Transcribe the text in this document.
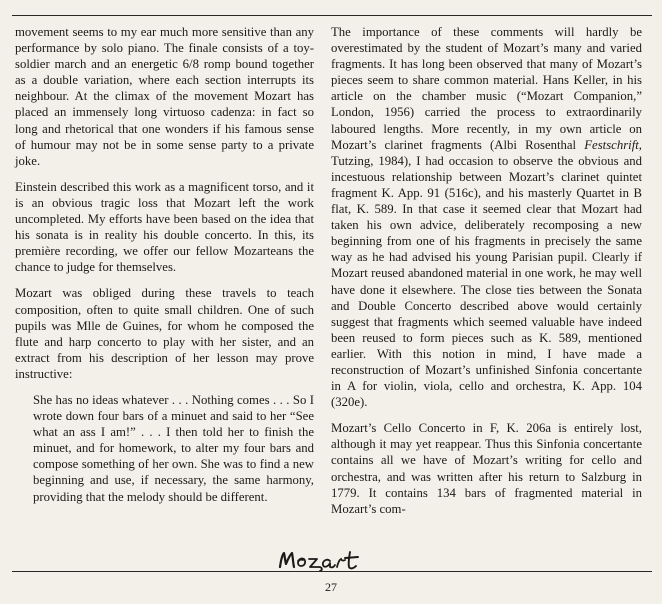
movement seems to my ear much more sensitive than any performance by solo piano. The finale consists of a toy-soldier march and an energetic 6/8 romp bound together as a double variation, where each section interrupts its neighbour. At the climax of the movement Mozart has placed an immensely long virtuoso cadenza: in fact so long and rhetorical that one wonders if his famous sense of humour may not be in some sense party to a private joke.

Einstein described this work as a magnificent torso, and it is an obvious tragic loss that Mozart left the work uncompleted. My efforts have been based on the idea that his sonata is in reality his double concerto. In this, its première recording, we offer our fellow Mozarteans the chance to judge for themselves.

Mozart was obliged during these travels to teach composition, often to quite small children. One of such pupils was Mlle de Guines, for whom he composed the flute and harp concerto to play with her sister, and an extract from his description of her lesson may prove instructive:

She has no ideas whatever . . . Nothing comes . . . So I wrote down four bars of a minuet and said to her “See what an ass I am!” . . . I then told her to finish the minuet, and for homework, to alter my four bars and compose something of her own. She was to find a new beginning and use, if necessary, the same harmony, providing that the melody should be different.

The importance of these comments will hardly be overestimated by the student of Mozart’s many and varied fragments. It has long been observed that many of Mozart’s pieces seem to share common material. Hans Keller, in his article on the chamber music (“Mozart Companion,” London, 1956) carried the process to extraordinarily laboured lengths. More recently, in my own article on Mozart’s clarinet fragments (Albi Rosenthal Festschrift, Tutzing, 1984), I had occasion to observe the obvious and incestuous relationship between Mozart’s clarinet quintet fragment K. App. 91 (516c), and his masterly Quartet in B flat, K. 589. In that case it seemed clear that Mozart had taken his own advice, deliberately recomposing a new beginning from one of his fragments in precisely the same way as he had advised his young Parisian pupil. Clearly if Mozart reused abandoned material in one work, he may well have done it elsewhere. The close ties between the Sonata and Double Concerto described above would certainly suggest that fragments which seemed valuable have indeed been reused to form pieces such as K. 589, mentioned earlier. With this notion in mind, I have made a reconstruction of Mozart’s unfinished Sinfonia concertante in A for violin, viola, cello and orchestra, K. App. 104 (320e).

Mozart’s Cello Concerto in F, K. 206a is entirely lost, although it may yet reappear. Thus this Sinfonia concertante contains all we have of Mozart’s writing for cello and orchestra, and was written after his return to Salzburg in 1779. It contains 134 bars of fragmented material in Mozart’s com-

27
